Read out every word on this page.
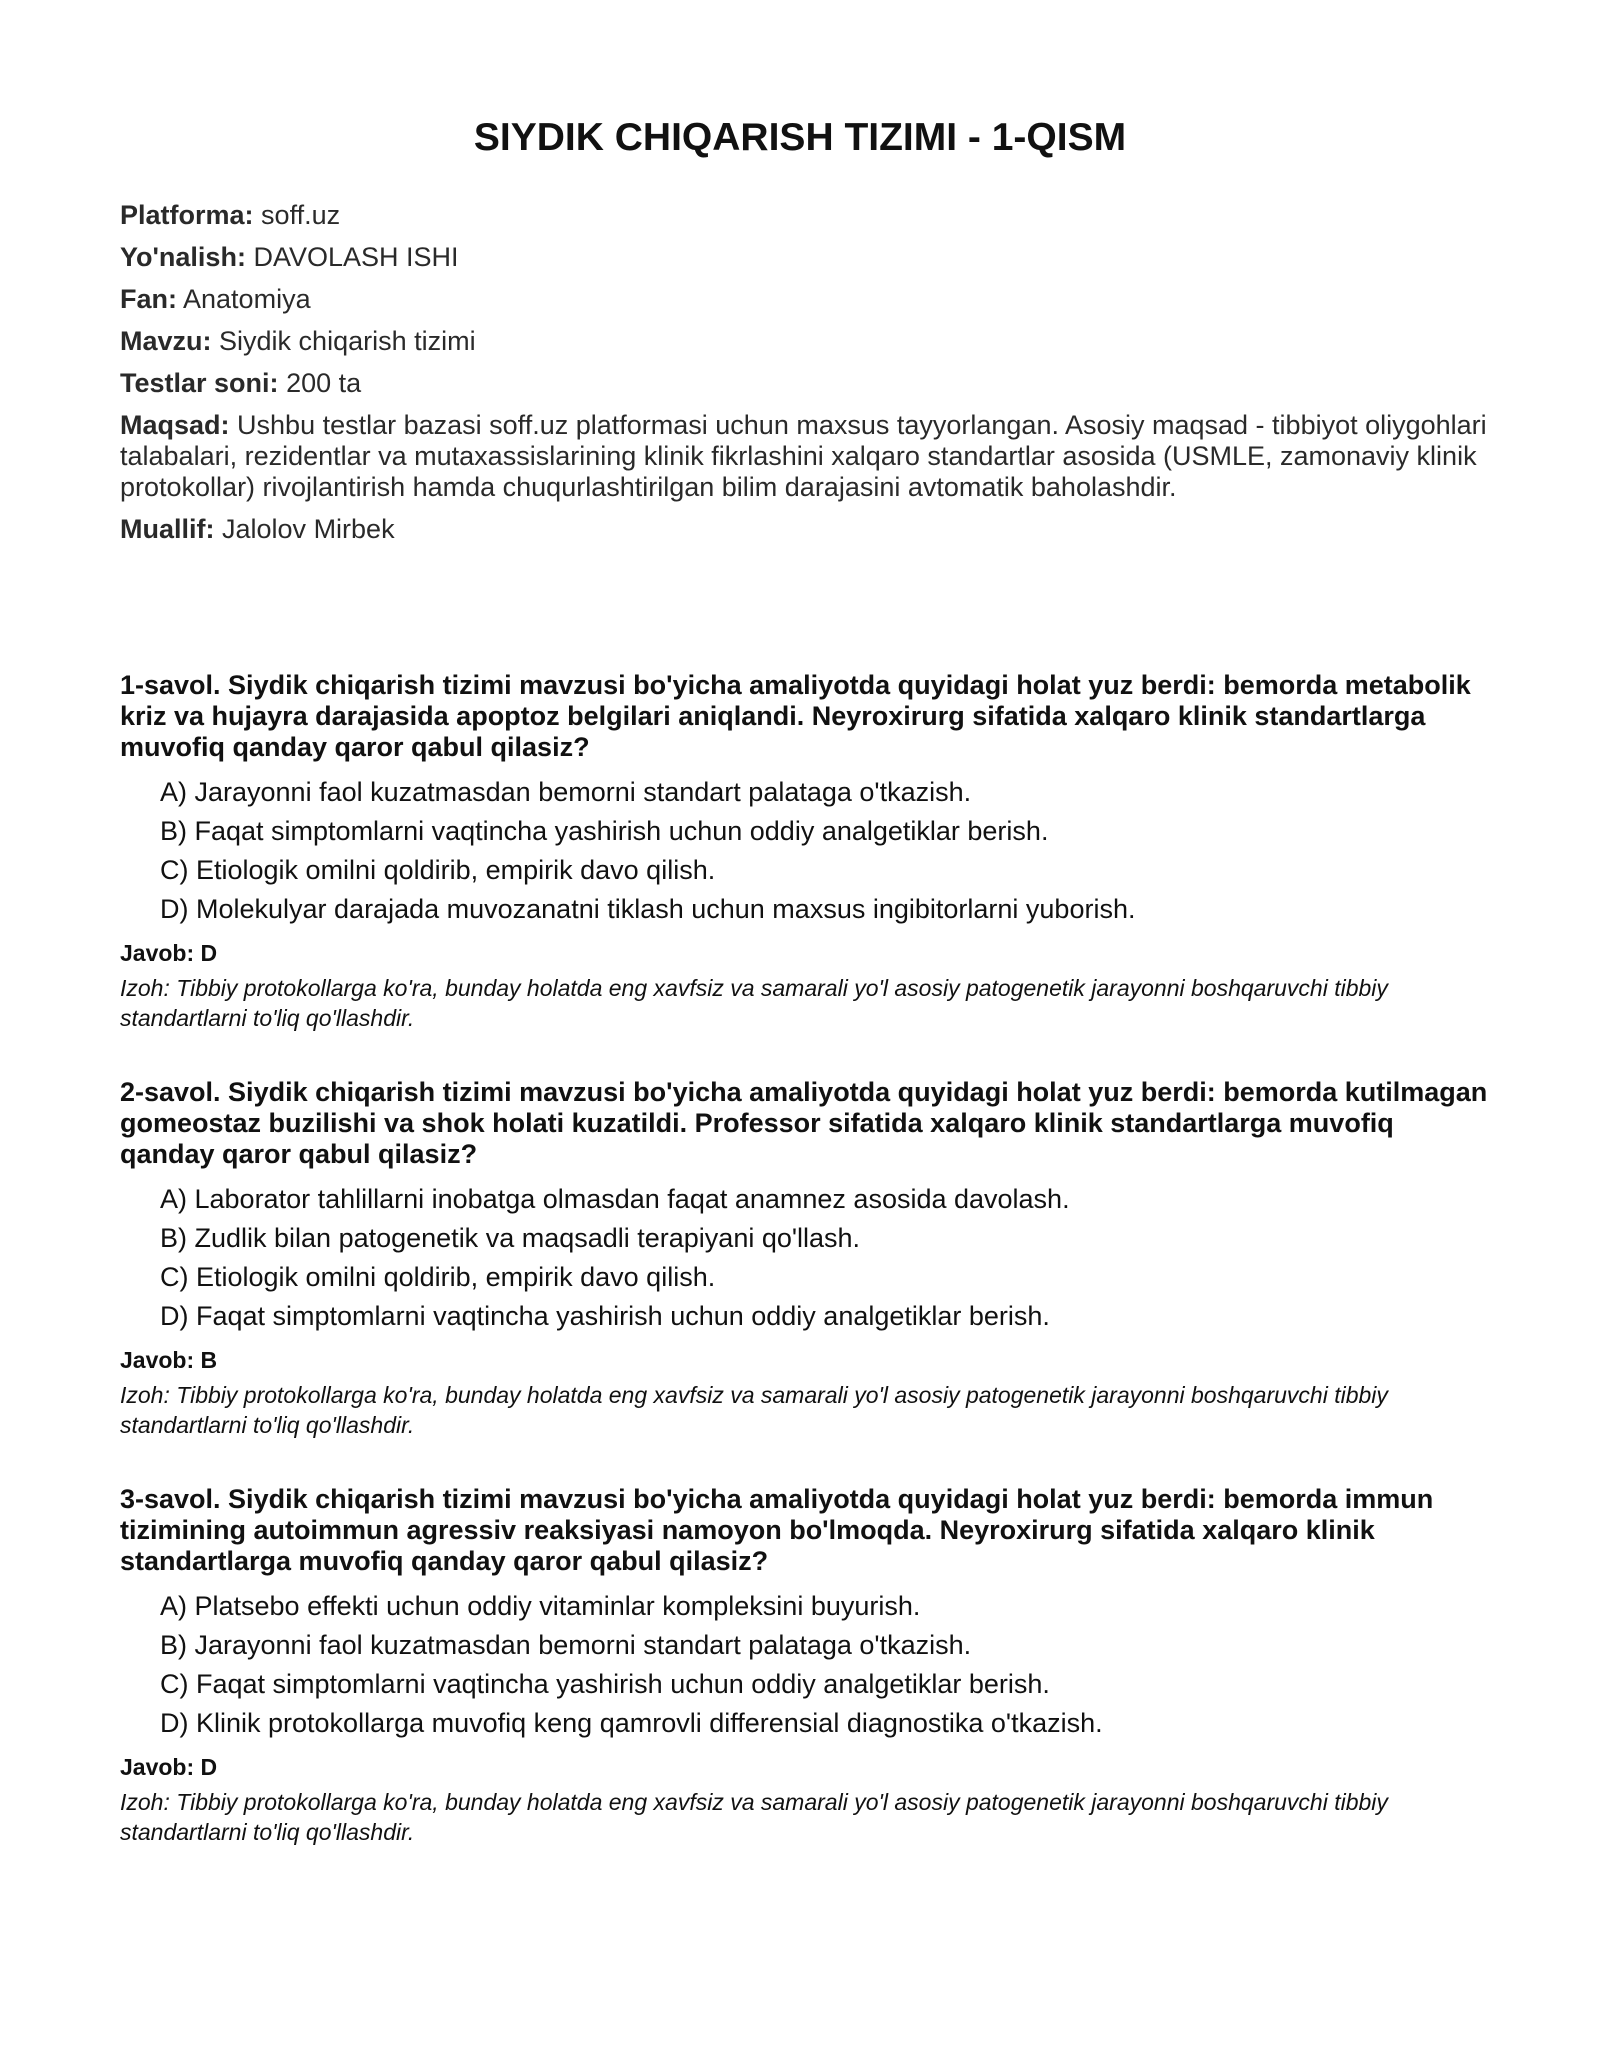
SIYDIK CHIQARISH TIZIMI - 1-QISM
Platforma: soff.uz
Yo'nalish: DAVOLASH ISHI
Fan: Anatomiya
Mavzu: Siydik chiqarish tizimi
Testlar soni: 200 ta
Maqsad: Ushbu testlar bazasi soff.uz platformasi uchun maxsus tayyorlangan. Asosiy maqsad - tibbiyot oliygohlari talabalari, rezidentlar va mutaxassislarining klinik fikrlashini xalqaro standartlar asosida (USMLE, zamonaviy klinik protokollar) rivojlantirish hamda chuqurlashtirilgan bilim darajasini avtomatik baholashdir.
Muallif: Jalolov Mirbek

1-savol. Siydik chiqarish tizimi mavzusi bo'yicha amaliyotda quyidagi holat yuz berdi: bemorda metabolik kriz va hujayra darajasida apoptoz belgilari aniqlandi. Neyroxirurg sifatida xalqaro klinik standartlarga muvofiq qanday qaror qabul qilasiz?

A) Jarayonni faol kuzatmasdan bemorni standart palataga o'tkazish.
B) Faqat simptomlarni vaqtincha yashirish uchun oddiy analgetiklar berish.
C) Etiologik omilni qoldirib, empirik davo qilish.
D) Molekulyar darajada muvozanatni tiklash uchun maxsus ingibitorlarni yuborish.
Javob: D

Izoh: Tibbiy protokollarga ko'ra, bunday holatda eng xavfsiz va samarali yo'l asosiy patogenetik jarayonni boshqaruvchi tibbiy standartlarni to'liq qo'llashdir.

2-savol. Siydik chiqarish tizimi mavzusi bo'yicha amaliyotda quyidagi holat yuz berdi: bemorda kutilmagan gomeostaz buzilishi va shok holati kuzatildi. Professor sifatida xalqaro klinik standartlarga muvofiq qanday qaror qabul qilasiz?

A) Laborator tahlillarni inobatga olmasdan faqat anamnez asosida davolash.
B) Zudlik bilan patogenetik va maqsadli terapiyani qo'llash.
C) Etiologik omilni qoldirib, empirik davo qilish.
D) Faqat simptomlarni vaqtincha yashirish uchun oddiy analgetiklar berish.
Javob: B

Izoh: Tibbiy protokollarga ko'ra, bunday holatda eng xavfsiz va samarali yo'l asosiy patogenetik jarayonni boshqaruvchi tibbiy standartlarni to'liq qo'llashdir.

3-savol. Siydik chiqarish tizimi mavzusi bo'yicha amaliyotda quyidagi holat yuz berdi: bemorda immun tizimining autoimmun agressiv reaksiyasi namoyon bo'lmoqda. Neyroxirurg sifatida xalqaro klinik standartlarga muvofiq qanday qaror qabul qilasiz?

A) Platsebo effekti uchun oddiy vitaminlar kompleksini buyurish.
B) Jarayonni faol kuzatmasdan bemorni standart palataga o'tkazish.
C) Faqat simptomlarni vaqtincha yashirish uchun oddiy analgetiklar berish.
D) Klinik protokollarga muvofiq keng qamrovli differensial diagnostika o'tkazish.
Javob: D

Izoh: Tibbiy protokollarga ko'ra, bunday holatda eng xavfsiz va samarali yo'l asosiy patogenetik jarayonni boshqaruvchi tibbiy standartlarni to'liq qo'llashdir.
